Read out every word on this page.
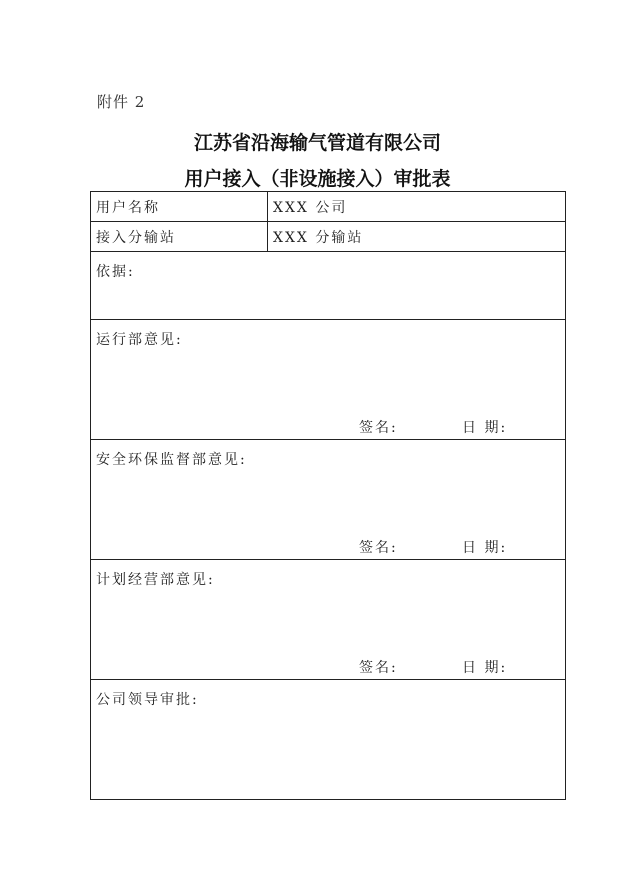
附件 2
江苏省沿海输气管道有限公司
用户接入（非设施接入）审批表
用户名称	XXX 公司
接入分输站	XXX 分输站

依据:	

运行部意见:
签名: 日 期:	

安全环保监督部意见:
签名: 日 期:	

计划经营部意见:
签名: 日 期:	

公司领导审批:	
